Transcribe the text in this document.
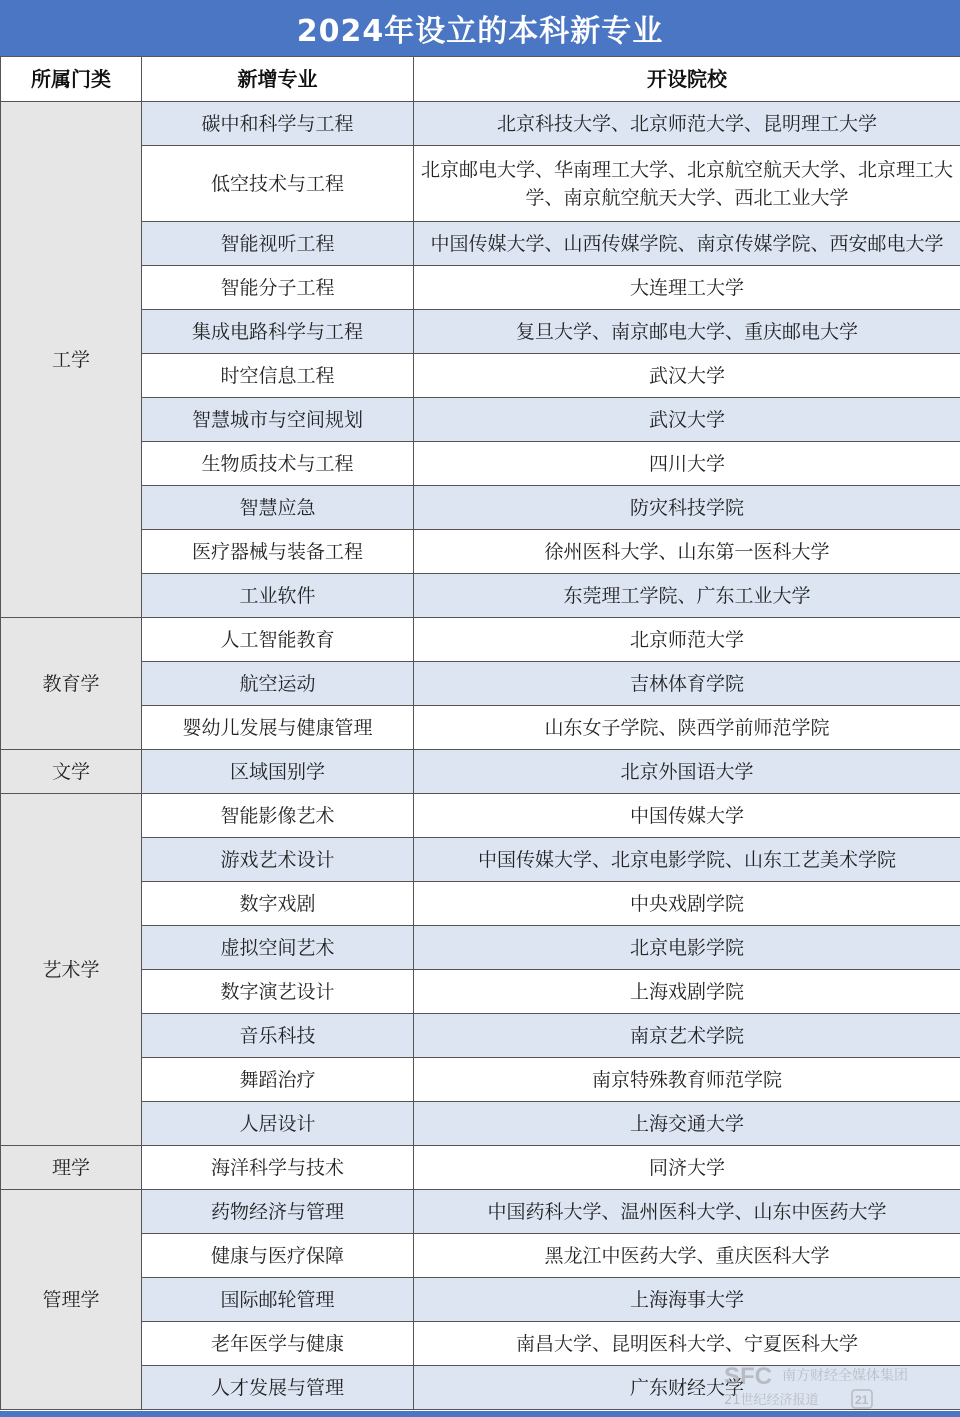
2024年设立的本科新专业
所属门类	新增专业	开设院校
工学	碳中和科学与工程	北京科技大学、北京师范大学、昆明理工大学
	低空技术与工程	北京邮电大学、华南理工大学、北京航空航天大学、北京理工大学、南京航空航天大学、西北工业大学
	智能视听工程	中国传媒大学、山西传媒学院、南京传媒学院、西安邮电大学
	智能分子工程	大连理工大学
	集成电路科学与工程	复旦大学、南京邮电大学、重庆邮电大学
	时空信息工程	武汉大学
	智慧城市与空间规划	武汉大学
	生物质技术与工程	四川大学
	智慧应急	防灾科技学院
	医疗器械与装备工程	徐州医科大学、山东第一医科大学
	工业软件	东莞理工学院、广东工业大学
教育学	人工智能教育	北京师范大学
	航空运动	吉林体育学院
	婴幼儿发展与健康管理	山东女子学院、陕西学前师范学院
文学	区域国别学	北京外国语大学
艺术学	智能影像艺术	中国传媒大学
	游戏艺术设计	中国传媒大学、北京电影学院、山东工艺美术学院
	数字戏剧	中央戏剧学院
	虚拟空间艺术	北京电影学院
	数字演艺设计	上海戏剧学院
	音乐科技	南京艺术学院
	舞蹈治疗	南京特殊教育师范学院
	人居设计	上海交通大学
理学	海洋科学与技术	同济大学
管理学	药物经济与管理	中国药科大学、温州医科大学、山东中医药大学
	健康与医疗保障	黑龙江中医药大学、重庆医科大学
	国际邮轮管理	上海海事大学
	老年医学与健康	南昌大学、昆明医科大学、宁夏医科大学
	人才发展与管理	广东财经大学
SFC 南方财经全媒体集团
21世纪经济报道	21
